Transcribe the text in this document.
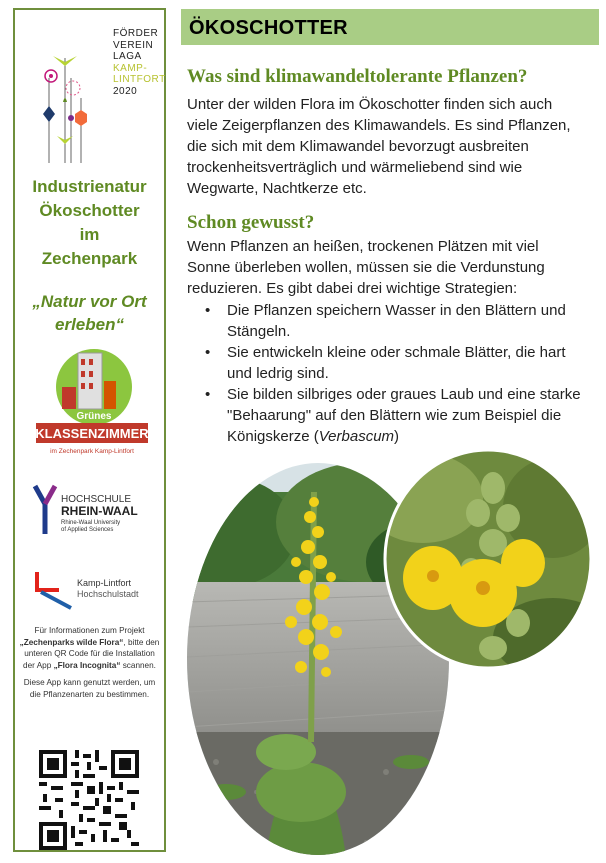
FÖRDER
VEREIN
LAGA
KAMP-
LINTFORT
2020
Industrienatur
Ökoschotter
im
Zechenpark
„Natur vor Ort
erleben“
Grünes
KLASSENZIMMER
im Zechenpark Kamp-Lintfort
HOCHSCHULE
RHEIN-WAAL
Rhine-Waal University
of Applied Sciences
Kamp-Lintfort
Hochschulstadt

Für Informationen zum Projekt
„Zechenparks wilde Flora“, bitte den unteren QR Code für die Installation der App „Flora Incognita“ scannen.

Diese App kann genutzt werden, um die Pflanzenarten zu bestimmen.

ÖKOSCHOTTER
Was sind klimawandeltolerante Pflanzen?
Unter der wilden Flora im Ökoschotter finden sich auch
viele Zeigerpflanzen des Klimawandels. Es sind Pflanzen,
die sich mit dem Klimawandel bevorzugt ausbreiten
trockenheitsverträglich und wärmeliebend sind wie
Wegwarte, Nachtkerze etc.
Schon gewusst?
Wenn Pflanzen an heißen, trockenen Plätzen mit viel
Sonne überleben wollen, müssen sie die Verdunstung
reduzieren. Es gibt dabei drei wichtige Strategien:
• Die Pflanzen speichern Wasser in den Blättern und
Stängeln.
• Sie entwickeln kleine oder schmale Blätter, die hart
und ledrig sind.
• Sie bilden silbriges oder graues Laub und eine starke
"Behaarung" auf den Blättern wie zum Beispiel die
Königskerze (Verbascum)
